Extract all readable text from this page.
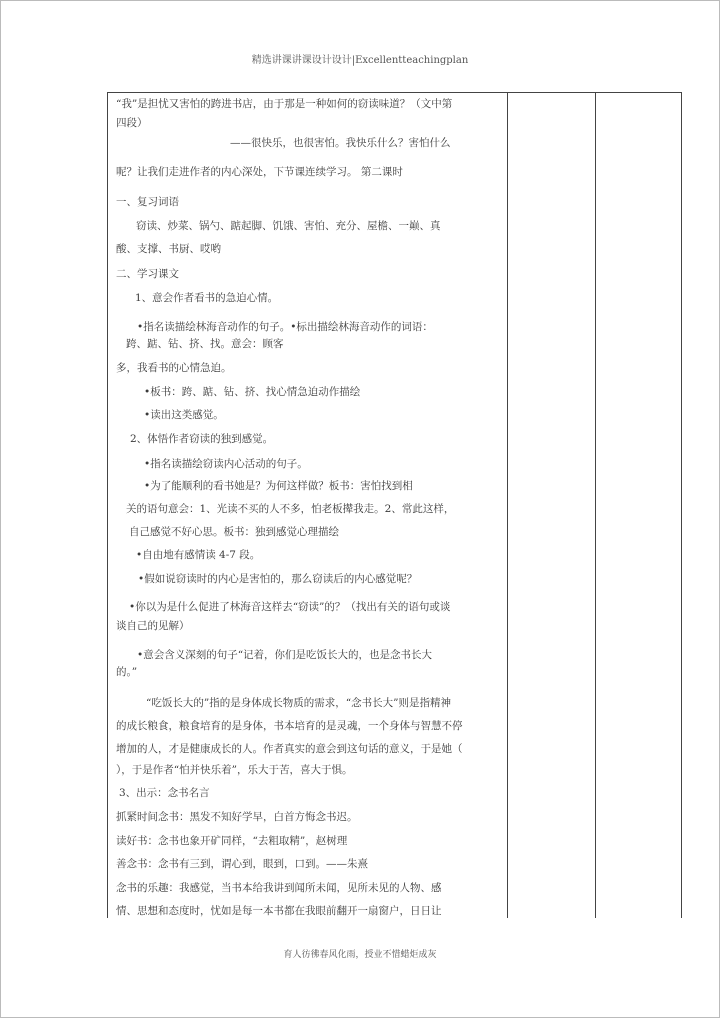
精选讲课讲课设计设计|Excellentteachingplan
“我”是担忧又害怕的跨进书店，由于那是一种如何的窃读味道？（文中第
四段）
——很快乐，也很害怕。我快乐什么？害怕什么
呢？让我们走进作者的内心深处，下节课连续学习。 第二课时
一、复习词语
窃读、炒菜、锅勺、踮起脚、饥饿、害怕、充分、屋檐、一巅、真
酸、支撑、书厨、哎哟
二、学习课文
1、意会作者看书的急迫心情。
•指名读描绘林海音动作的句子。•标出描绘林海音动作的词语：
跨、踮、钻、挤、找。意会：顾客
多，我看书的心情急迫。
•板书：跨、踮、钻、挤、找心情急迫动作描绘
•读出这类感觉。
2、体悟作者窃读的独到感觉。
•指名读描绘窃读内心活动的句子。
•为了能顺利的看书她是？为何这样做？板书：害怕找到相
关的语句意会：1、光读不买的人不多，怕老板撵我走。2、常此这样，
自己感觉不好心思。板书：独到感觉心理描绘
•自由地有感情读 4-7 段。
•假如说窃读时的内心是害怕的，那么窃读后的内心感觉呢？
•你以为是什么促进了林海音这样去“窃读”的？（找出有关的语句或谈
谈自己的见解）
•意会含义深刻的句子“记着，你们是吃饭长大的，也是念书长大
的。”
“吃饭长大的”指的是身体成长物质的需求，“念书长大”则是指精神
的成长粮食，粮食培育的是身体，书本培育的是灵魂，一个身体与智慧不停
增加的人，才是健康成长的人。作者真实的意会到这句话的意义，于是她（
），于是作者“怕并快乐着”，乐大于苦，喜大于惧。
3、出示：念书名言
抓紧时间念书：黑发不知好学早，白首方悔念书迟。
读好书：念书也象开矿同样，“去粗取精”，赵树理
善念书：念书有三到，谓心到，眼到，口到。——朱熹
念书的乐趣：我感觉，当书本给我讲到闻所未闻，见所未见的人物、感
情、思想和态度时，忧如是每一本书都在我眼前翻开一扇窗户，日日让
育人彷彿春风化雨，授业不惜蜡炬成灰
